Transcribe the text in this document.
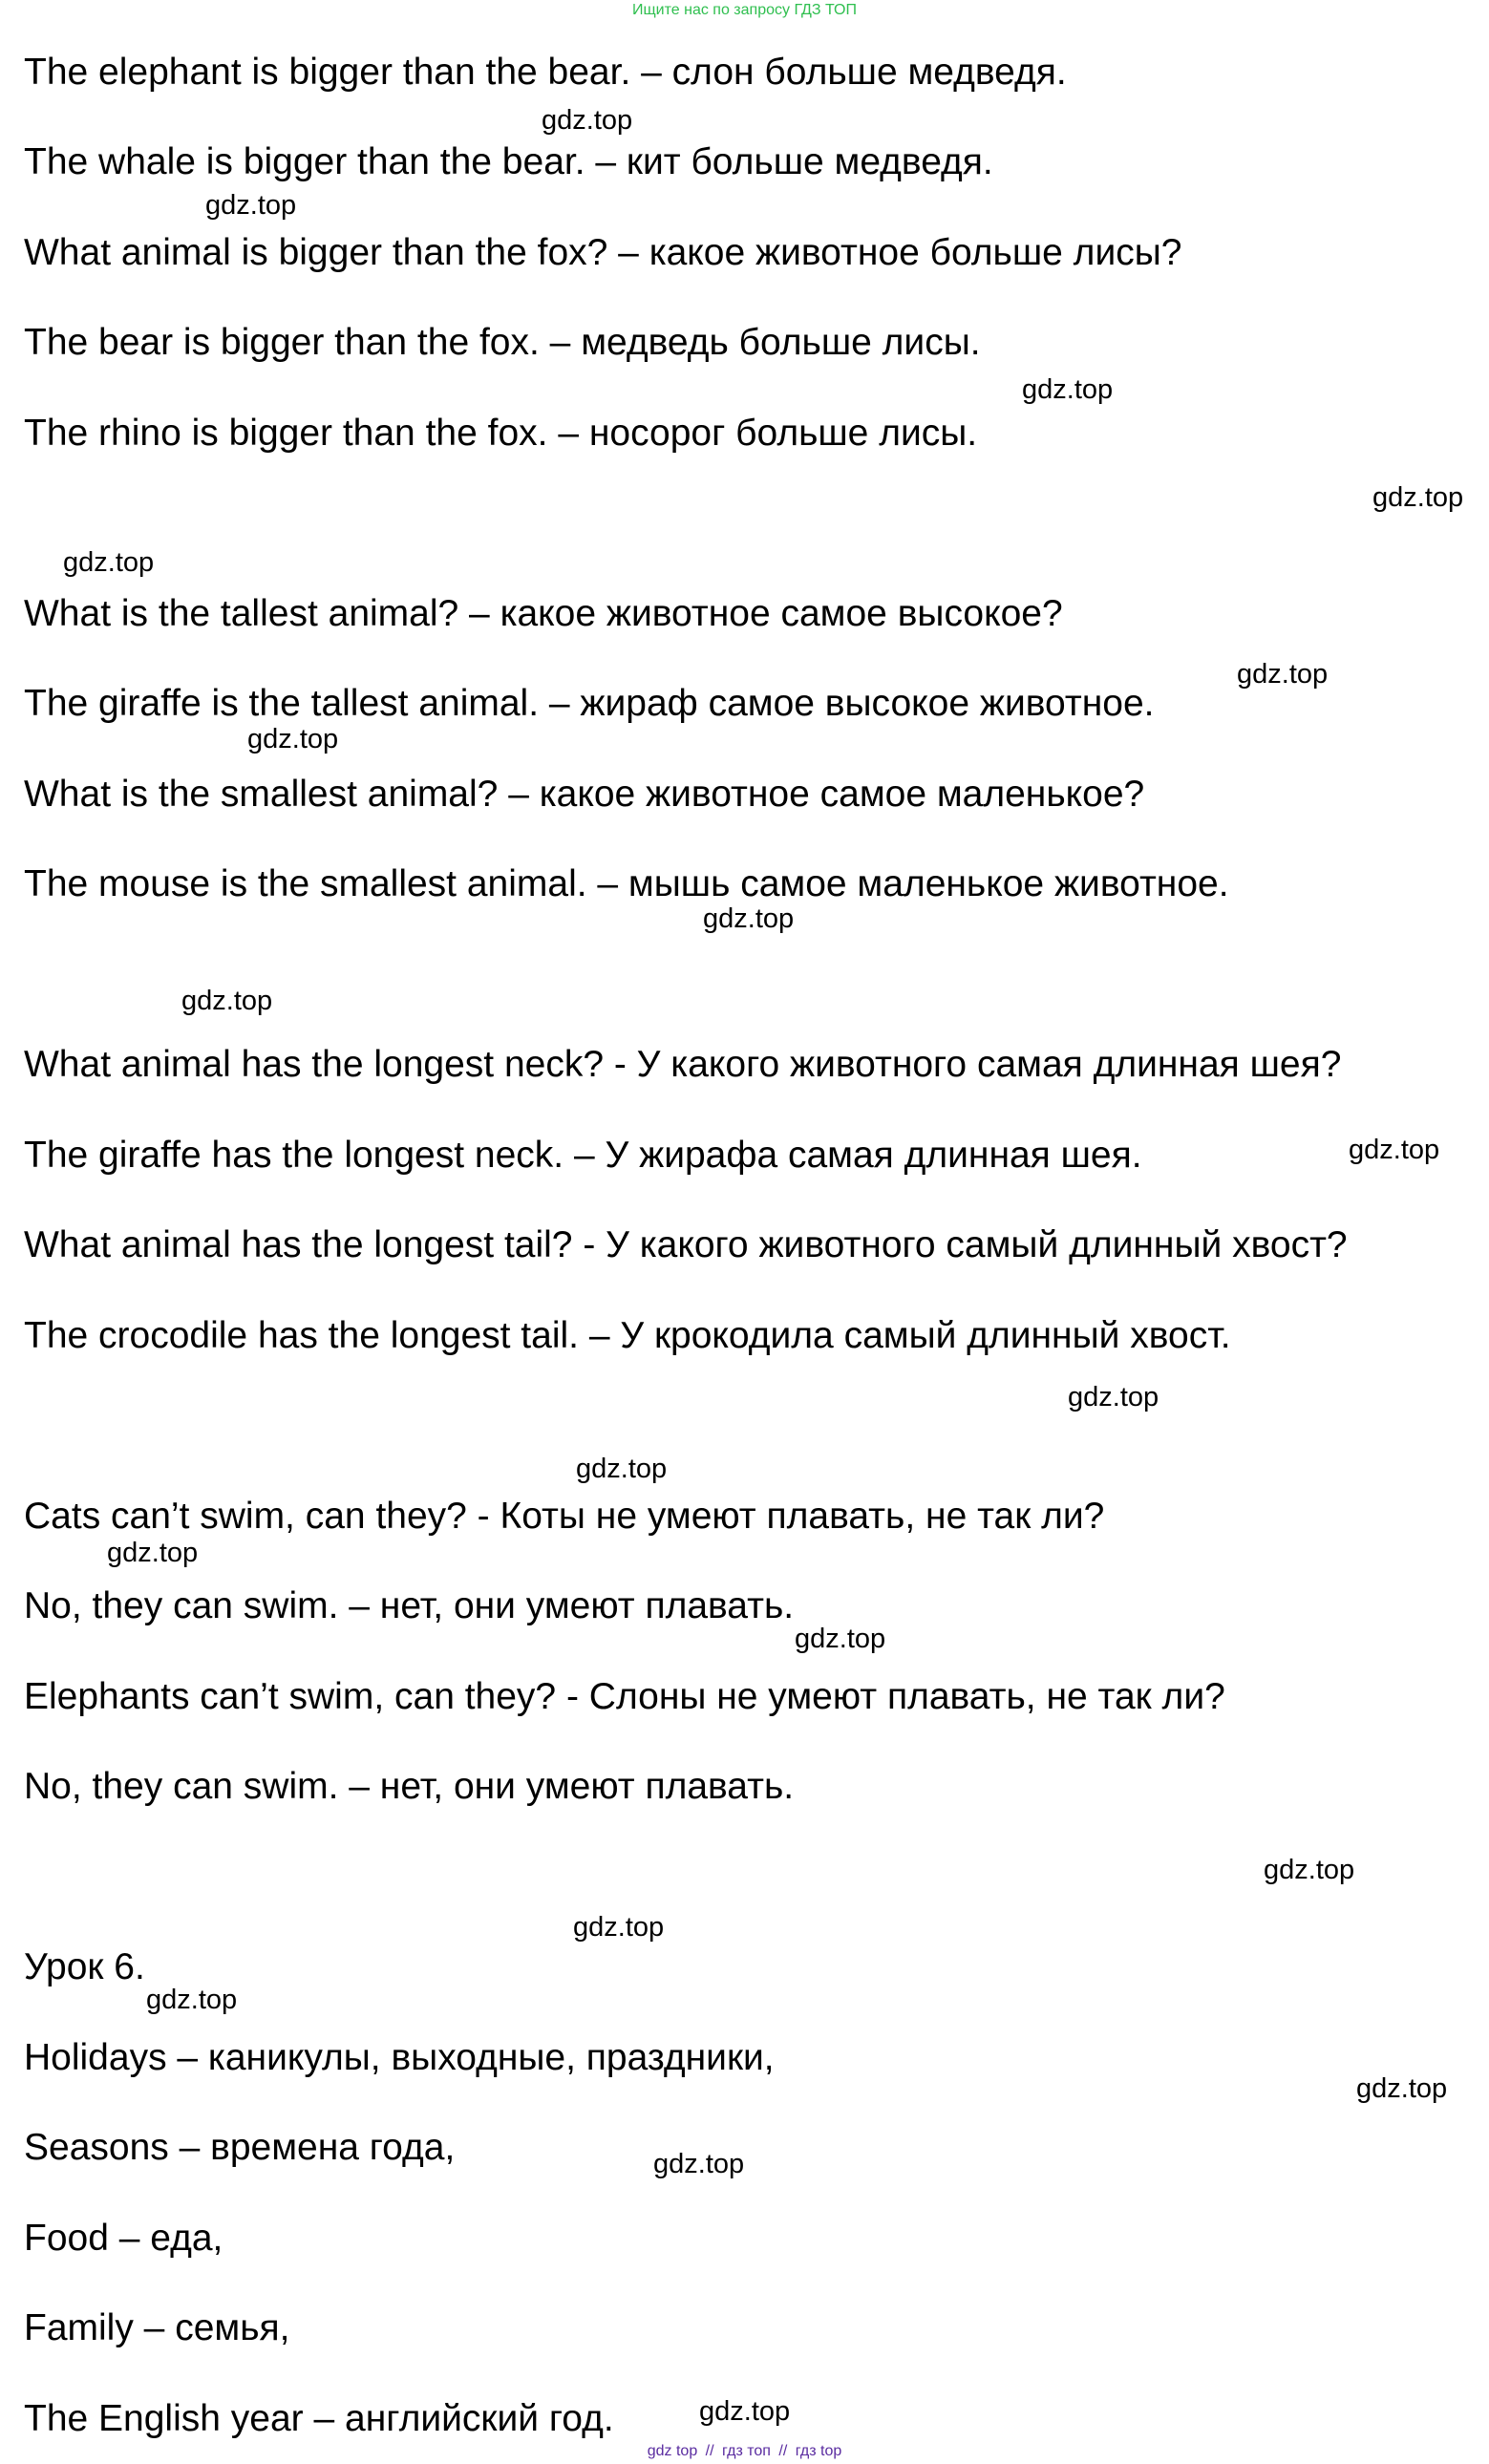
Ищите нас по запросу ГДЗ ТОП
The elephant is bigger than the bear. – слон больше медведя.
The whale is bigger than the bear. – кит больше медведя.
What animal is bigger than the fox? – какое животное больше лисы?
The bear is bigger than the fox. – медведь больше лисы.
The rhino is bigger than the fox. – носорог больше лисы.
What is the tallest animal? – какое животное самое высокое?
The giraffe is the tallest animal. – жираф самое высокое животное.
What is the smallest animal? – какое животное самое маленькое?
The mouse is the smallest animal. – мышь самое маленькое животное.
What animal has the longest neck? - У какого животного самая длинная шея?
The giraffe has the longest neck. – У жирафа самая длинная шея.
What animal has the longest tail? - У какого животного самый длинный хвост?
The crocodile has the longest tail. – У крокодила самый длинный хвост.
Cats can’t swim, can they? - Коты не умеют плавать, не так ли?
No, they can swim. – нет, они умеют плавать.
Elephants can’t swim, can they? - Слоны не умеют плавать, не так ли?
No, they can swim. – нет, они умеют плавать.
Урок 6.
Holidays – каникулы, выходные, праздники,
Seasons – времена года,
Food – еда,
Family – семья,
The English year – английский год.
gdz.top
gdz.top
gdz.top
gdz.top
gdz.top
gdz.top
gdz.top
gdz.top
gdz.top
gdz.top
gdz.top
gdz.top
gdz.top
gdz.top
gdz.top
gdz.top
gdz.top
gdz.top
gdz.top
gdz.top
gdz top // гдз топ // гдз top
